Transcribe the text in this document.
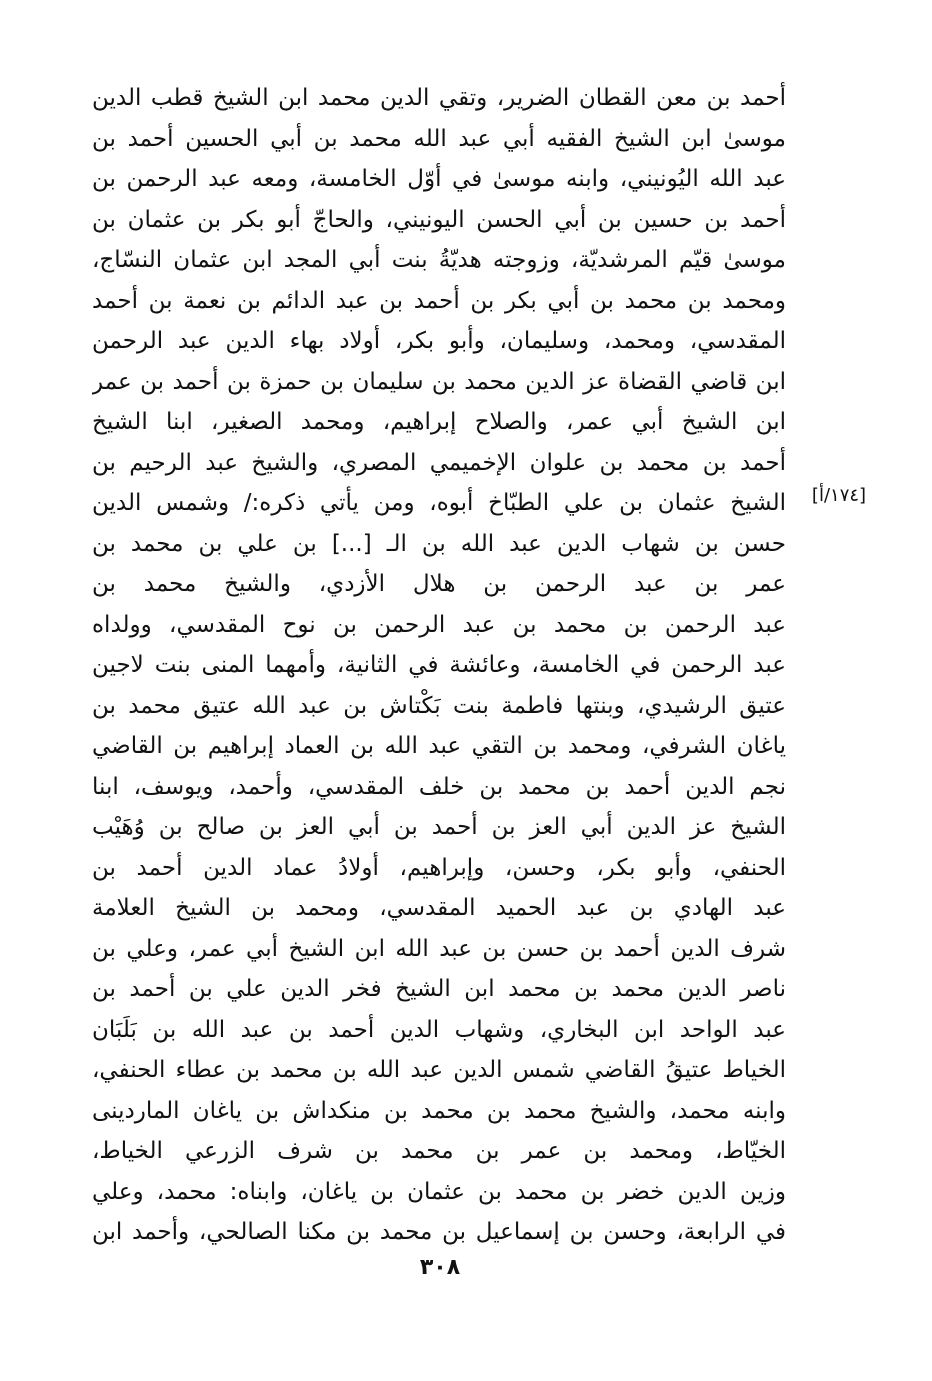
[١٧٤/أ]
أحمد بن معن القطان الضرير، وتقي الدين محمد ابن الشيخ قطب الدين
موسىٰ ابن الشيخ الفقيه أبي عبد الله محمد بن أبي الحسين أحمد بن
عبد الله اليُونيني، وابنه موسىٰ في أوّل الخامسة، ومعه عبد الرحمن بن
أحمد بن حسين بن أبي الحسن اليونيني، والحاجّ أبو بكر بن عثمان بن
موسىٰ قيّم المرشديّة، وزوجته هديّةُ بنت أبي المجد ابن عثمان النسّاج،
ومحمد بن محمد بن أبي بكر بن أحمد بن عبد الدائم بن نعمة بن أحمد
المقدسي، ومحمد، وسليمان، وأبو بكر، أولاد بهاء الدين عبد الرحمن
ابن قاضي القضاة عز الدين محمد بن سليمان بن حمزة بن أحمد بن عمر
ابن الشيخ أبي عمر، والصلاح إبراهيم، ومحمد الصغير، ابنا الشيخ
أحمد بن محمد بن علوان الإخميمي المصري، والشيخ عبد الرحيم بن
الشيخ عثمان بن علي الطبّاخ أبوه، ومن يأتي ذكره:/ وشمس الدين
حسن بن شهاب الدين عبد الله بن الـ [...] بن علي بن محمد بن
عمر بن عبد الرحمن بن هلال الأزدي، والشيخ محمد بن
عبد الرحمن بن محمد بن عبد الرحمن بن نوح المقدسي، وولداه
عبد الرحمن في الخامسة، وعائشة في الثانية، وأمهما المنى بنت لاجين
عتيق الرشيدي، وبنتها فاطمة بنت بَكْتاش بن عبد الله عتيق محمد بن
ياغان الشرفي، ومحمد بن التقي عبد الله بن العماد إبراهيم بن القاضي
نجم الدين أحمد بن محمد بن خلف المقدسي، وأحمد، ويوسف، ابنا
الشيخ عز الدين أبي العز بن أحمد بن أبي العز بن صالح بن وُهَيْب
الحنفي، وأبو بكر، وحسن، وإبراهيم، أولادُ عماد الدين أحمد بن
عبد الهادي بن عبد الحميد المقدسي، ومحمد بن الشيخ العلامة
شرف الدين أحمد بن حسن بن عبد الله ابن الشيخ أبي عمر، وعلي بن
ناصر الدين محمد بن محمد ابن الشيخ فخر الدين علي بن أحمد بن
عبد الواحد ابن البخاري، وشهاب الدين أحمد بن عبد الله بن بَلَبَان
الخياط عتيقُ القاضي شمس الدين عبد الله بن محمد بن عطاء الحنفي،
وابنه محمد، والشيخ محمد بن محمد بن منكداش بن ياغان الماردينى
الخيّاط، ومحمد بن عمر بن محمد بن شرف الزرعي الخياط،
وزين الدين خضر بن محمد بن عثمان بن ياغان، وابناه: محمد، وعلي
في الرابعة، وحسن بن إسماعيل بن محمد بن مكنا الصالحي، وأحمد ابن
٣٠٨
